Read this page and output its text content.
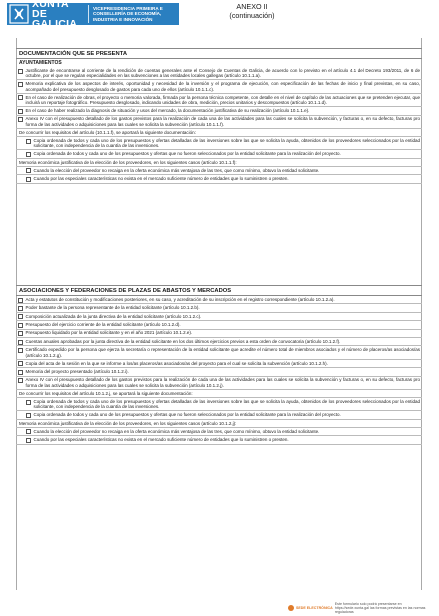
XUNTA DE GALICIA
VICEPRESIDENCIA PRIMEIRA E
CONSELLERÍA DE ECONOMÍA,
INDUSTRIA E INNOVACIÓN
ANEXO II
(continuación)
DOCUMENTACIÓN QUE SE PRESENTA
AYUNTAMIENTOS
Justificante de encontrarse al corriente de la rendición de cuentas generales ante el Consejo de Cuentas de Galicia, de acuerdo con lo previsto en el artículo 4.1 del Decreto 193/2011, de 6 de octubre, por el que se regulan especialidades en las subvenciones a las entidades locales gallegas (artículo 10.1.1.a).
Memoria explicativa de los aspectos de interés, oportunidad y necesidad de la inversión y el programa de ejecución, con especificación de las fechas de inicio y final previstas, en su caso, acompañado del presupuesto desglosado de gastos para cada uno de ellos (artículo 10.1.1.c).
En el caso de realización de obras, el proyecto o memoria valorada, firmada por la persona técnica competente, con detalle en el nivel de capítulo de las actuaciones que se pretenden ejecutar, que incluirá un reportaje fotográfico. Presupuesto desglosado, indicando unidades de obra, medición, precios unitarios y descompuestos (artículo 10.1.1.d).
En el caso de haber realizado la diagnosis de situación y usos del mercado, la documentación justificativa de su realización (artículo 10.1.1.e).
Anexo IV con el presupuesto detallado de los gastos previstos para la realización de cada una de las actividades para las cuales se solicita la subvención, y facturas o, en su defecto, facturas pro forma de las actividades o adquisiciones para las cuales se solicita la subvención (artículo 10.1.1.f).
De concurrir los requisitos del artículo (10.1.1.f), se aportará la siguiente documentación:
Copia ordenada de todos y cada uno de los presupuestos y ofertas detalladas de las inversiones sobre las que se solicita la ayuda, obtenidos de los proveedores seleccionados por la entidad solicitante, con independencia de la cuantía de las inversiones.
Copia ordenada de todos y cada uno de los presupuestos y ofertas que no fueron seleccionados por la entidad solicitante para la realización del proyecto.
Memoria económica justificativa de la elección de los proveedores, en los siguientes casos (artículo 10.1.1.f):
Cuando la elección del proveedor no recaiga en la oferta económica más ventajosa de las tres, que como mínimo, obtuvo la entidad solicitante.
Cuando por las especiales características no exista en el mercado suficiente número de entidades que lo suministren o presten.
ASOCIACIONES Y FEDERACIONES DE PLAZAS DE ABASTOS Y MERCADOS
Acta y estatutos de constitución y modificaciones posteriores, en su caso, y acreditación de su inscripción en el registro correspondiente (artículo 10.1.2.a).
Poder bastante de la persona representante de la entidad solicitante (artículo 10.1.2.b).
Composición actualizada de la junta directiva de la entidad solicitante (artículo 10.1.2.c).
Presupuesto del ejercicio corriente de la entidad solicitante (artículo 10.1.2.d).
Presupuesto liquidado por la entidad solicitante y en el año 2021 (artículo 10.1.2.e).
Cuentas anuales aprobadas por la junta directiva de la entidad solicitante en los dos últimos ejercicios previos a esta orden de convocatoria (artículo 10.1.2.f).
Certificado expedido por la persona que ejerza la secretaría o representación de la entidad solicitante que acredite el número total de miembros asociados y el número de placeros/as asociados/as (artículo 10.1.2.g).
Copia del acta de la sesión en la que se informe a los/as placeros/as asociados/as del proyecto para el cual se solicita la subvención (artículo 10.1.2.h).
Memoria del proyecto presentado (artículo 10.1.2.i).
Anexo IV con el presupuesto detallado de los gastos previstos para la realización de cada una de las actividades para las cuales se solicita la subvención y facturas o, en su defecto, facturas pro forma de las actividades o adquisiciones para las cuales se solicita la subvención (artículo 10.1.2.j).
De concurrir los requisitos del artículo 10.1.2.j, se aportará la siguiente documentación:
Copia ordenada de todos y cada uno de los presupuestos y ofertas detalladas de las inversiones sobre las que se solicita la ayuda, obtenidos de los proveedores seleccionados por la entidad solicitante, con independencia de la cuantía de las inversiones.
Copia ordenada de todos y cada uno de los presupuestos y ofertas que no fueron seleccionados por la entidad solicitante para la realización del proyecto.
Memoria económica justificativa de la elección de los proveedores, en los siguientes casos (artículo 10.1.2.j):
Cuando la elección del proveedor no recaiga en la oferta económica más ventajosa de las tres, que como mínimo, obtuvo la entidad solicitante.
Cuando por las especiales características no exista en el mercado suficiente número de entidades que lo suministren o presten.
SEDE ELECTRÓNICA
Este formulario solo podrá presentarse en https://sede.xunta.gal las formas previstas en las normas reguladoras
